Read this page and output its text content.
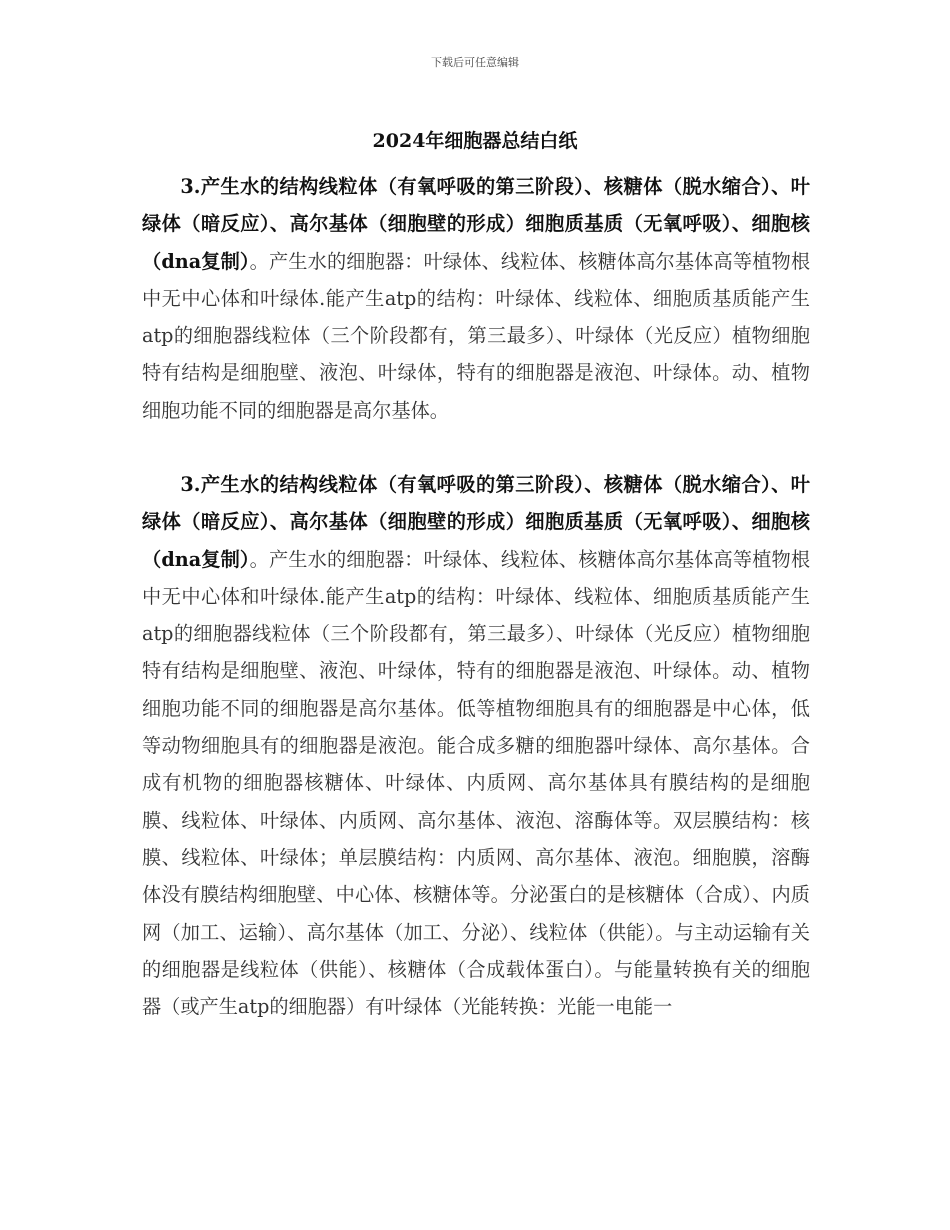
下载后可任意编辑
2024年细胞器总结白纸

3.产生水的结构线粒体（有氧呼吸的第三阶段）、核糖体（脱水缩合）、叶绿体（暗反应）、高尔基体（细胞壁的形成）细胞质基质（无氧呼吸）、细胞核（dna复制）。产生水的细胞器：叶绿体、线粒体、核糖体高尔基体高等植物根中无中心体和叶绿体.能产生atp的结构：叶绿体、线粒体、细胞质基质能产生atp的细胞器线粒体（三个阶段都有，第三最多）、叶绿体（光反应）植物细胞特有结构是细胞壁、液泡、叶绿体，特有的细胞器是液泡、叶绿体。动、植物细胞功能不同的细胞器是高尔基体。

3.产生水的结构线粒体（有氧呼吸的第三阶段）、核糖体（脱水缩合）、叶绿体（暗反应）、高尔基体（细胞壁的形成）细胞质基质（无氧呼吸）、细胞核（dna复制）。产生水的细胞器：叶绿体、线粒体、核糖体高尔基体高等植物根中无中心体和叶绿体.能产生atp的结构：叶绿体、线粒体、细胞质基质能产生atp的细胞器线粒体（三个阶段都有，第三最多）、叶绿体（光反应）植物细胞特有结构是细胞壁、液泡、叶绿体，特有的细胞器是液泡、叶绿体。动、植物细胞功能不同的细胞器是高尔基体。低等植物细胞具有的细胞器是中心体，低等动物细胞具有的细胞器是液泡。能合成多糖的细胞器叶绿体、高尔基体。合成有机物的细胞器核糖体、叶绿体、内质网、高尔基体具有膜结构的是细胞膜、线粒体、叶绿体、内质网、高尔基体、液泡、溶酶体等。双层膜结构：核膜、线粒体、叶绿体；单层膜结构：内质网、高尔基体、液泡。细胞膜，溶酶体没有膜结构细胞壁、中心体、核糖体等。分泌蛋白的是核糖体（合成）、内质网（加工、运输）、高尔基体（加工、分泌）、线粒体（供能）。与主动运输有关的细胞器是线粒体（供能）、核糖体（合成载体蛋白）。与能量转换有关的细胞器（或产生atp的细胞器）有叶绿体（光能转换：光能一电能一
